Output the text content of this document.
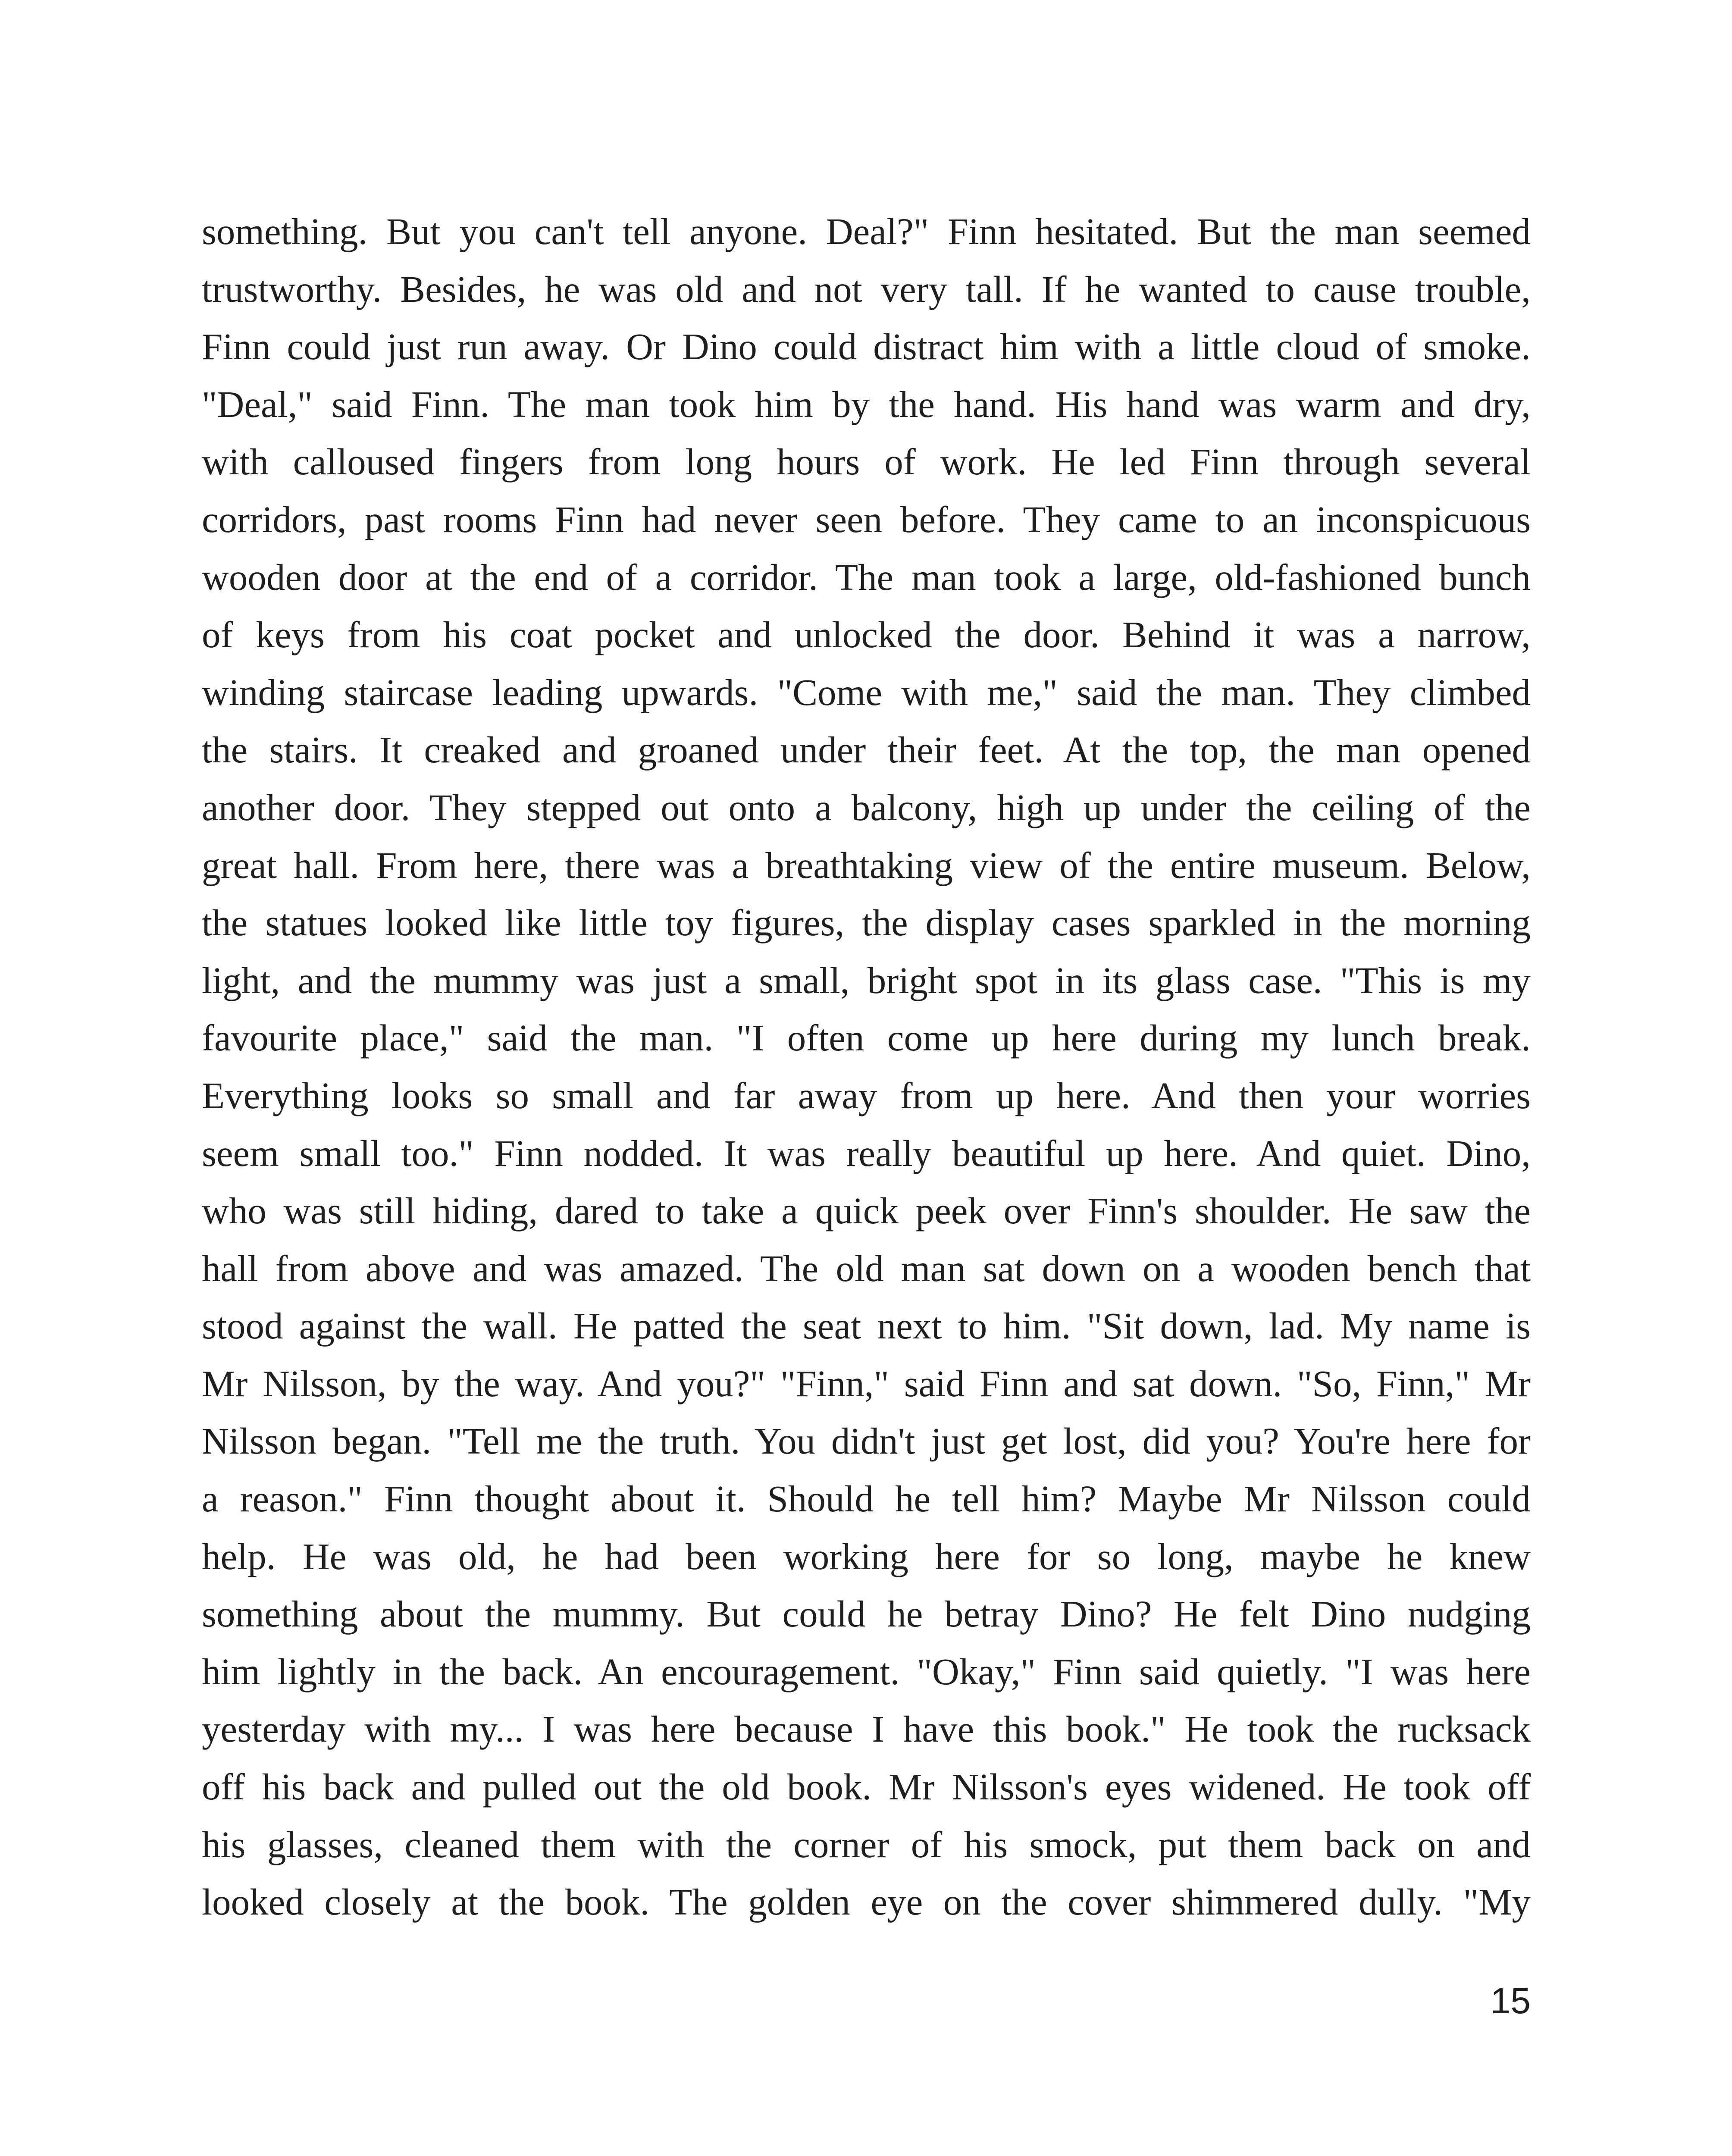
something. But you can't tell anyone. Deal?" Finn hesitated. But the man seemed
trustworthy. Besides, he was old and not very tall. If he wanted to cause trouble,
Finn could just run away. Or Dino could distract him with a little cloud of smoke.
"Deal," said Finn. The man took him by the hand. His hand was warm and dry,
with calloused fingers from long hours of work. He led Finn through several
corridors, past rooms Finn had never seen before. They came to an inconspicuous
wooden door at the end of a corridor. The man took a large, old-fashioned bunch
of keys from his coat pocket and unlocked the door. Behind it was a narrow,
winding staircase leading upwards. "Come with me," said the man. They climbed
the stairs. It creaked and groaned under their feet. At the top, the man opened
another door. They stepped out onto a balcony, high up under the ceiling of the
great hall. From here, there was a breathtaking view of the entire museum. Below,
the statues looked like little toy figures, the display cases sparkled in the morning
light, and the mummy was just a small, bright spot in its glass case. "This is my
favourite place," said the man. "I often come up here during my lunch break.
Everything looks so small and far away from up here. And then your worries
seem small too." Finn nodded. It was really beautiful up here. And quiet. Dino,
who was still hiding, dared to take a quick peek over Finn's shoulder. He saw the
hall from above and was amazed. The old man sat down on a wooden bench that
stood against the wall. He patted the seat next to him. "Sit down, lad. My name is
Mr Nilsson, by the way. And you?" "Finn," said Finn and sat down. "So, Finn," Mr
Nilsson began. "Tell me the truth. You didn't just get lost, did you? You're here for
a reason." Finn thought about it. Should he tell him? Maybe Mr Nilsson could
help. He was old, he had been working here for so long, maybe he knew
something about the mummy. But could he betray Dino? He felt Dino nudging
him lightly in the back. An encouragement. "Okay," Finn said quietly. "I was here
yesterday with my... I was here because I have this book." He took the rucksack
off his back and pulled out the old book. Mr Nilsson's eyes widened. He took off
his glasses, cleaned them with the corner of his smock, put them back on and
looked closely at the book. The golden eye on the cover shimmered dully. "My
15
